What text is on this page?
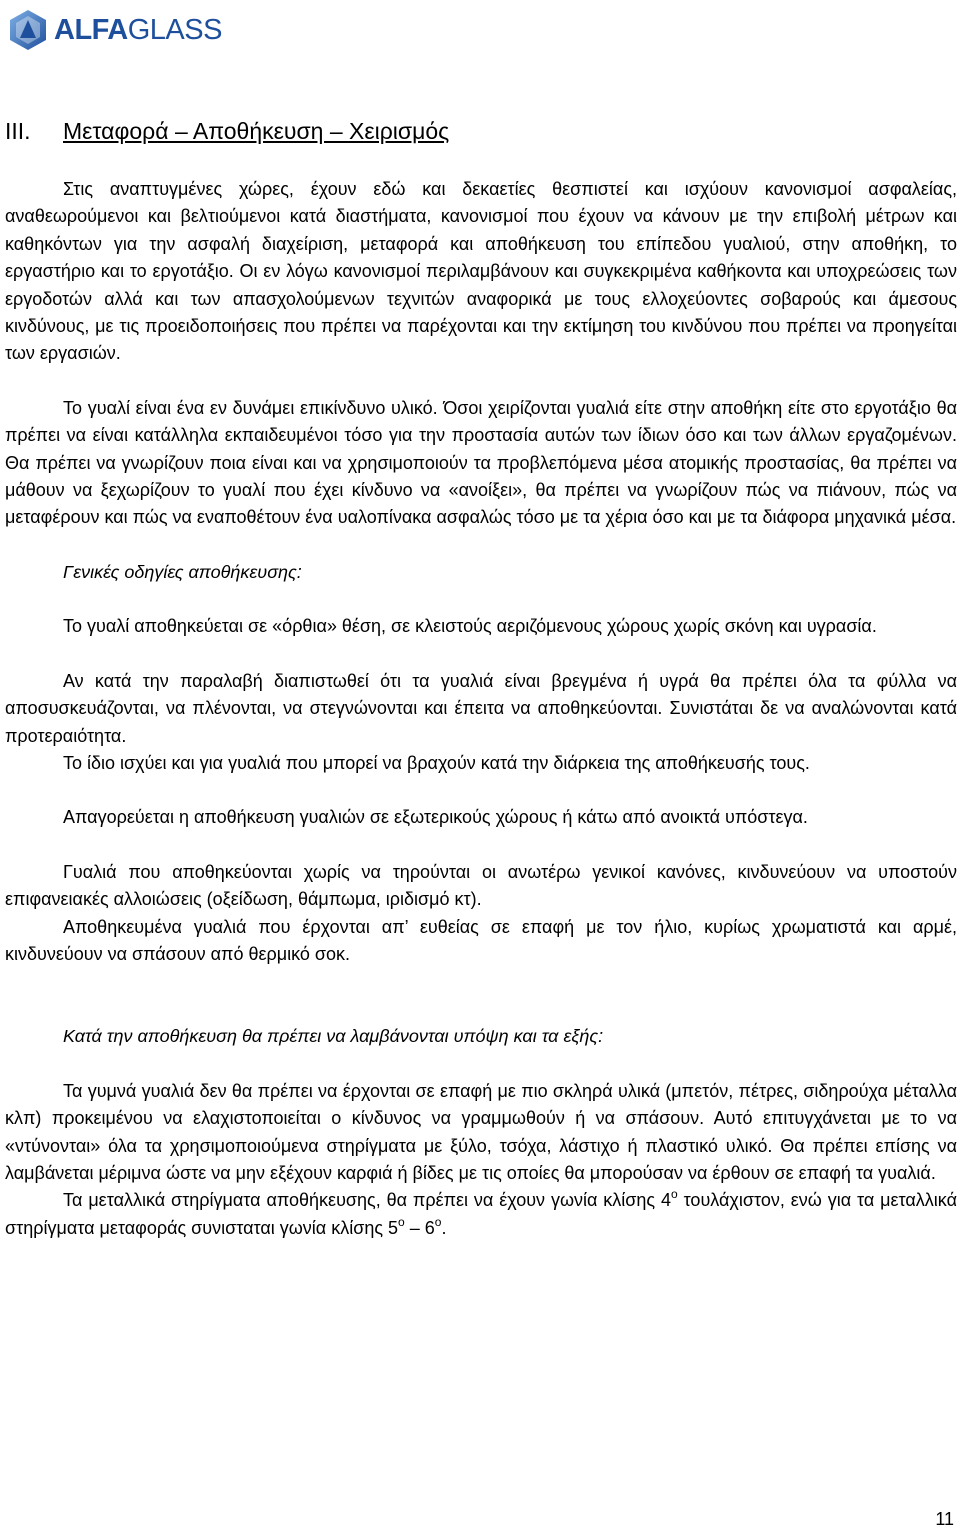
ALFAGLASS
III. Μεταφορά – Αποθήκευση – Χειρισμός

Στις αναπτυγμένες χώρες, έχουν εδώ και δεκαετίες θεσπιστεί και ισχύουν κανονισμοί ασφαλείας, αναθεωρούμενοι και βελτιούμενοι κατά διαστήματα, κανονισμοί που έχουν να κάνουν με την επιβολή μέτρων και καθηκόντων για την ασφαλή διαχείριση, μεταφορά και αποθήκευση του επίπεδου γυαλιού, στην αποθήκη, το εργαστήριο και το εργοτάξιο. Οι εν λόγω κανονισμοί περιλαμβάνουν και συγκεκριμένα καθήκοντα και υποχρεώσεις των εργοδοτών αλλά και των απασχολούμενων τεχνιτών αναφορικά με τους ελλοχεύοντες σοβαρούς και άμεσους κινδύνους, με τις προειδοποιήσεις που πρέπει να παρέχονται και την εκτίμηση του κινδύνου που πρέπει να προηγείται των εργασιών.

Το γυαλί είναι ένα εν δυνάμει επικίνδυνο υλικό. Όσοι χειρίζονται γυαλιά είτε στην αποθήκη είτε στο εργοτάξιο θα πρέπει να είναι κατάλληλα εκπαιδευμένοι τόσο για την προστασία αυτών των ίδιων όσο και των άλλων εργαζομένων. Θα πρέπει να γνωρίζουν ποια είναι και να χρησιμοποιούν τα προβλεπόμενα μέσα ατομικής προστασίας, θα πρέπει να μάθουν να ξεχωρίζουν το γυαλί που έχει κίνδυνο να «ανοίξει», θα πρέπει να γνωρίζουν πώς να πιάνουν, πώς να μεταφέρουν και πώς να εναποθέτουν ένα υαλοπίνακα ασφαλώς τόσο με τα χέρια όσο και με τα διάφορα μηχανικά μέσα.

Γενικές οδηγίες αποθήκευσης:

Το γυαλί αποθηκεύεται σε «όρθια» θέση, σε κλειστούς αεριζόμενους χώρους χωρίς σκόνη και υγρασία.

Αν κατά την παραλαβή διαπιστωθεί ότι τα γυαλιά είναι βρεγμένα ή υγρά θα πρέπει όλα τα φύλλα να αποσυσκευάζονται, να πλένονται, να στεγνώνονται και έπειτα να αποθηκεύονται. Συνιστάται δε να αναλώνονται κατά προτεραιότητα.

Το ίδιο ισχύει και για γυαλιά που μπορεί να βραχούν κατά την διάρκεια της αποθήκευσής τους.

Απαγορεύεται η αποθήκευση γυαλιών σε εξωτερικούς χώρους ή κάτω από ανοικτά υπόστεγα.

Γυαλιά που αποθηκεύονται χωρίς να τηρούνται οι ανωτέρω γενικοί κανόνες, κινδυνεύουν να υποστούν επιφανειακές αλλοιώσεις (οξείδωση, θάμπωμα, ιριδισμό κτ).

Αποθηκευμένα γυαλιά που έρχονται απ’ ευθείας σε επαφή με τον ήλιο, κυρίως χρωματιστά και αρμέ, κινδυνεύουν να σπάσουν από θερμικό σοκ.

Κατά την αποθήκευση θα πρέπει να λαμβάνονται υπόψη και τα εξής:

Τα γυμνά γυαλιά δεν θα πρέπει να έρχονται σε επαφή με πιο σκληρά υλικά (μπετόν, πέτρες, σιδηρούχα μέταλλα κλπ) προκειμένου να ελαχιστοποιείται ο κίνδυνος να γραμμωθούν ή να σπάσουν. Αυτό επιτυγχάνεται με το να «ντύνονται» όλα τα χρησιμοποιούμενα στηρίγματα με ξύλο, τσόχα, λάστιχο ή πλαστικό υλικό. Θα πρέπει επίσης να λαμβάνεται μέριμνα ώστε να μην εξέχουν καρφιά ή βίδες με τις οποίες θα μπορούσαν να έρθουν σε επαφή τα γυαλιά.

Τα μεταλλικά στηρίγματα αποθήκευσης, θα πρέπει να έχουν γωνία κλίσης $4^o$ τουλάχιστον, ενώ για τα μεταλλικά στηρίγματα μεταφοράς συνισταται γωνία κλίσης $5^o - 6^o$.

11
